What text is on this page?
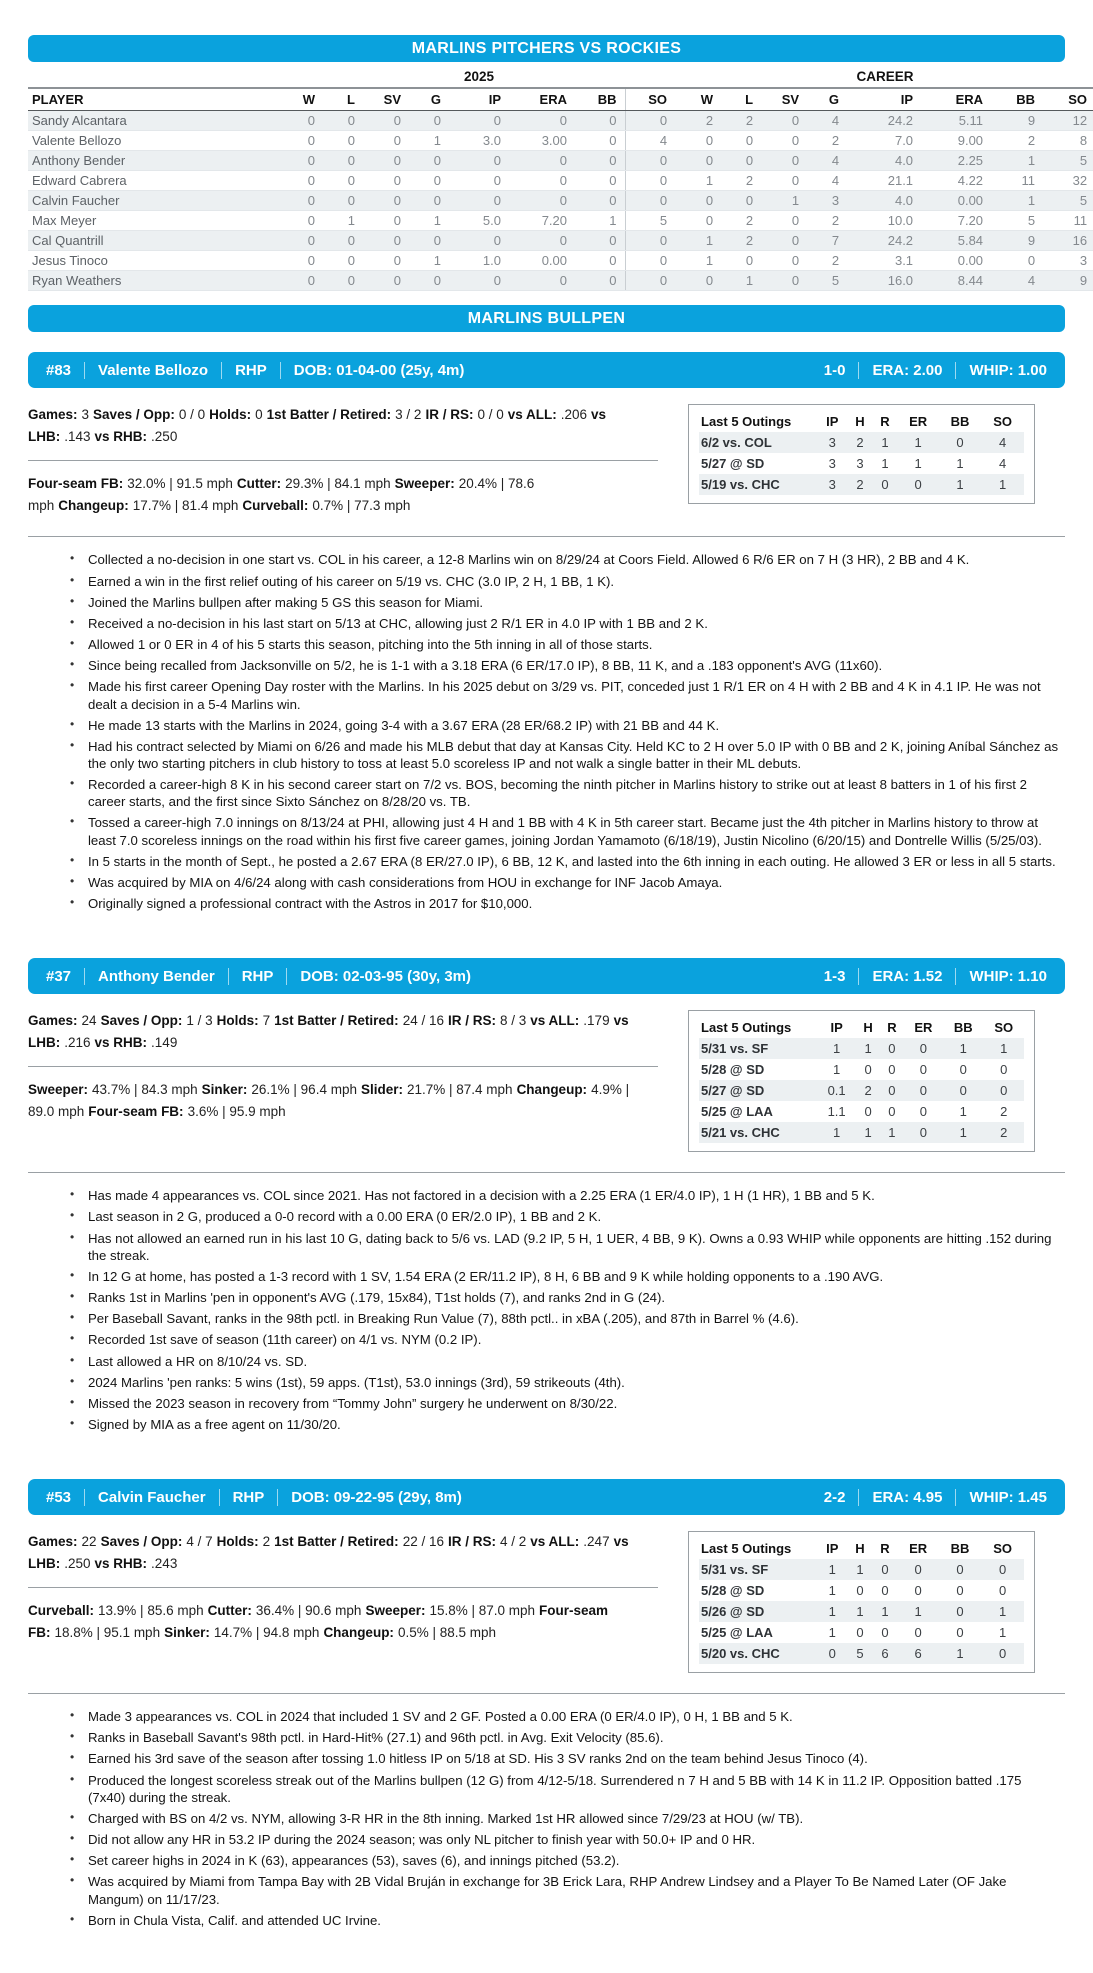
MARLINS PITCHERS VS ROCKIES
	2025								CAREER							
PLAYER	W	L	SV	G	IP	ERA	BB	SO	W	L	SV	G	IP	ERA	BB	SO
Sandy Alcantara	0	0	0	0	0	0	0	0	2	2	0	4	24.2	5.11	9	12
Valente Bellozo	0	0	0	1	3.0	3.00	0	4	0	0	0	2	7.0	9.00	2	8
Anthony Bender	0	0	0	0	0	0	0	0	0	0	0	4	4.0	2.25	1	5
Edward Cabrera	0	0	0	0	0	0	0	0	1	2	0	4	21.1	4.22	11	32
Calvin Faucher	0	0	0	0	0	0	0	0	0	0	1	3	4.0	0.00	1	5
Max Meyer	0	1	0	1	5.0	7.20	1	5	0	2	0	2	10.0	7.20	5	11
Cal Quantrill	0	0	0	0	0	0	0	0	1	2	0	7	24.2	5.84	9	16
Jesus Tinoco	0	0	0	1	1.0	0.00	0	0	1	0	0	2	3.1	0.00	0	3
Ryan Weathers	0	0	0	0	0	0	0	0	0	1	0	5	16.0	8.44	4	9
MARLINS BULLPEN
#83 Valente Bellozo RHP DOB: 01-04-00 (25y, 4m)	1-0 ERA: 2.00 WHIP: 1.00

Games: 3 Saves / Opp: 0 / 0 Holds: 0 1st Batter / Retired: 3 / 2 IR / RS: 0 / 0 vs ALL: .206 vs LHB: .143 vs RHB: .250

Four-seam FB: 32.0% | 91.5 mph Cutter: 29.3% | 84.1 mph Sweeper: 20.4% | 78.6 mph Changeup: 17.7% | 81.4 mph Curveball: 0.7% | 77.3 mph

Last 5 Outings	IP	H	R	ER	BB	SO
6/2 vs. COL	3	2	1	1	0	4
5/27 @ SD	3	3	1	1	1	4
5/19 vs. CHC	3	2	0	0	1	1
• Collected a no-decision in one start vs. COL in his career, a 12-8 Marlins win on 8/29/24 at Coors Field. Allowed 6 R/6 ER on 7 H (3 HR), 2 BB and 4 K.
• Earned a win in the first relief outing of his career on 5/19 vs. CHC (3.0 IP, 2 H, 1 BB, 1 K).
• Joined the Marlins bullpen after making 5 GS this season for Miami.
• Received a no-decision in his last start on 5/13 at CHC, allowing just 2 R/1 ER in 4.0 IP with 1 BB and 2 K.
• Allowed 1 or 0 ER in 4 of his 5 starts this season, pitching into the 5th inning in all of those starts.
• Since being recalled from Jacksonville on 5/2, he is 1-1 with a 3.18 ERA (6 ER/17.0 IP), 8 BB, 11 K, and a .183 opponent's AVG (11x60).
• Made his first career Opening Day roster with the Marlins. In his 2025 debut on 3/29 vs. PIT, conceded just 1 R/1 ER on 4 H with 2 BB and 4 K in 4.1 IP. He was not dealt a decision in a 5-4 Marlins win.
• He made 13 starts with the Marlins in 2024, going 3-4 with a 3.67 ERA (28 ER/68.2 IP) with 21 BB and 44 K.
• Had his contract selected by Miami on 6/26 and made his MLB debut that day at Kansas City. Held KC to 2 H over 5.0 IP with 0 BB and 2 K, joining Aníbal Sánchez as the only two starting pitchers in club history to toss at least 5.0 scoreless IP and not walk a single batter in their ML debuts.
• Recorded a career-high 8 K in his second career start on 7/2 vs. BOS, becoming the ninth pitcher in Marlins history to strike out at least 8 batters in 1 of his first 2 career starts, and the first since Sixto Sánchez on 8/28/20 vs. TB.
• Tossed a career-high 7.0 innings on 8/13/24 at PHI, allowing just 4 H and 1 BB with 4 K in 5th career start. Became just the 4th pitcher in Marlins history to throw at least 7.0 scoreless innings on the road within his first five career games, joining Jordan Yamamoto (6/18/19), Justin Nicolino (6/20/15) and Dontrelle Willis (5/25/03).
• In 5 starts in the month of Sept., he posted a 2.67 ERA (8 ER/27.0 IP), 6 BB, 12 K, and lasted into the 6th inning in each outing. He allowed 3 ER or less in all 5 starts.
• Was acquired by MIA on 4/6/24 along with cash considerations from HOU in exchange for INF Jacob Amaya.
• Originally signed a professional contract with the Astros in 2017 for $10,000.
#37 Anthony Bender RHP DOB: 02-03-95 (30y, 3m)	1-3 ERA: 1.52 WHIP: 1.10

Games: 24 Saves / Opp: 1 / 3 Holds: 7 1st Batter / Retired: 24 / 16 IR / RS: 8 / 3 vs ALL: .179 vs LHB: .216 vs RHB: .149

Sweeper: 43.7% | 84.3 mph Sinker: 26.1% | 96.4 mph Slider: 21.7% | 87.4 mph Changeup: 4.9% | 89.0 mph Four-seam FB: 3.6% | 95.9 mph

Last 5 Outings	IP	H	R	ER	BB	SO
5/31 vs. SF	1	1	0	0	1	1
5/28 @ SD	1	0	0	0	0	0
5/27 @ SD	0.1	2	0	0	0	0
5/25 @ LAA	1.1	0	0	0	1	2
5/21 vs. CHC	1	1	1	0	1	2
• Has made 4 appearances vs. COL since 2021. Has not factored in a decision with a 2.25 ERA (1 ER/4.0 IP), 1 H (1 HR), 1 BB and 5 K.
• Last season in 2 G, produced a 0-0 record with a 0.00 ERA (0 ER/2.0 IP), 1 BB and 2 K.
• Has not allowed an earned run in his last 10 G, dating back to 5/6 vs. LAD (9.2 IP, 5 H, 1 UER, 4 BB, 9 K). Owns a 0.93 WHIP while opponents are hitting .152 during the streak.
• In 12 G at home, has posted a 1-3 record with 1 SV, 1.54 ERA (2 ER/11.2 IP), 8 H, 6 BB and 9 K while holding opponents to a .190 AVG.
• Ranks 1st in Marlins 'pen in opponent's AVG (.179, 15x84), T1st holds (7), and ranks 2nd in G (24).
• Per Baseball Savant, ranks in the 98th pctl. in Breaking Run Value (7), 88th pctl.. in xBA (.205), and 87th in Barrel % (4.6).
• Recorded 1st save of season (11th career) on 4/1 vs. NYM (0.2 IP).
• Last allowed a HR on 8/10/24 vs. SD.
• 2024 Marlins 'pen ranks: 5 wins (1st), 59 apps. (T1st), 53.0 innings (3rd), 59 strikeouts (4th).
• Missed the 2023 season in recovery from “Tommy John” surgery he underwent on 8/30/22.
• Signed by MIA as a free agent on 11/30/20.
#53 Calvin Faucher RHP DOB: 09-22-95 (29y, 8m)	2-2 ERA: 4.95 WHIP: 1.45

Games: 22 Saves / Opp: 4 / 7 Holds: 2 1st Batter / Retired: 22 / 16 IR / RS: 4 / 2 vs ALL: .247 vs LHB: .250 vs RHB: .243

Curveball: 13.9% | 85.6 mph Cutter: 36.4% | 90.6 mph Sweeper: 15.8% | 87.0 mph Four-seam FB: 18.8% | 95.1 mph Sinker: 14.7% | 94.8 mph Changeup: 0.5% | 88.5 mph

Last 5 Outings	IP	H	R	ER	BB	SO
5/31 vs. SF	1	1	0	0	0	0
5/28 @ SD	1	0	0	0	0	0
5/26 @ SD	1	1	1	1	0	1
5/25 @ LAA	1	0	0	0	0	1
5/20 vs. CHC	0	5	6	6	1	0
• Made 3 appearances vs. COL in 2024 that included 1 SV and 2 GF. Posted a 0.00 ERA (0 ER/4.0 IP), 0 H, 1 BB and 5 K.
• Ranks in Baseball Savant's 98th pctl. in Hard-Hit% (27.1) and 96th pctl. in Avg. Exit Velocity (85.6).
• Earned his 3rd save of the season after tossing 1.0 hitless IP on 5/18 at SD. His 3 SV ranks 2nd on the team behind Jesus Tinoco (4).
• Produced the longest scoreless streak out of the Marlins bullpen (12 G) from 4/12-5/18. Surrendered n 7 H and 5 BB with 14 K in 11.2 IP. Opposition batted .175 (7x40) during the streak.
• Charged with BS on 4/2 vs. NYM, allowing 3-R HR in the 8th inning. Marked 1st HR allowed since 7/29/23 at HOU (w/ TB).
• Did not allow any HR in 53.2 IP during the 2024 season; was only NL pitcher to finish year with 50.0+ IP and 0 HR.
• Set career highs in 2024 in K (63), appearances (53), saves (6), and innings pitched (53.2).
• Was acquired by Miami from Tampa Bay with 2B Vidal Bruján in exchange for 3B Erick Lara, RHP Andrew Lindsey and a Player To Be Named Later (OF Jake Mangum) on 11/17/23.
• Born in Chula Vista, Calif. and attended UC Irvine.
